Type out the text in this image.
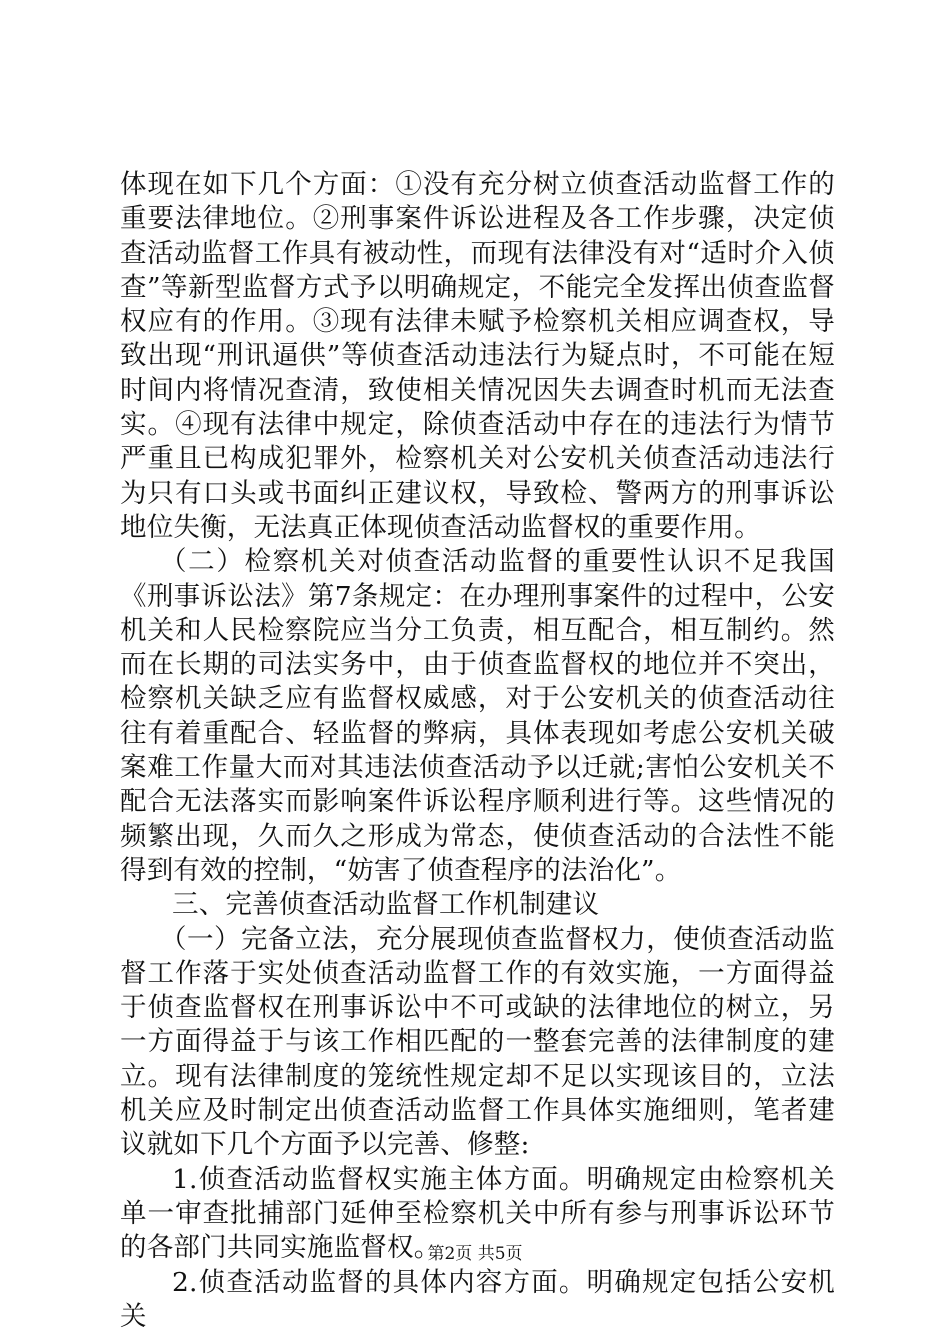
体现在如下几个方面：①没有充分树立侦查活动监督工作的重要法律地位。②刑事案件诉讼进程及各工作步骤，决定侦查活动监督工作具有被动性，而现有法律没有对“适时介入侦查”等新型监督方式予以明确规定，不能完全发挥出侦查监督权应有的作用。③现有法律未赋予检察机关相应调查权，导致出现“刑讯逼供”等侦查活动违法行为疑点时，不可能在短时间内将情况查清，致使相关情况因失去调查时机而无法查实。④现有法律中规定，除侦查活动中存在的违法行为情节严重且已构成犯罪外，检察机关对公安机关侦查活动违法行为只有口头或书面纠正建议权，导致检、警两方的刑事诉讼地位失衡，无法真正体现侦查活动监督权的重要作用。

（二）检察机关对侦查活动监督的重要性认识不足我国《刑事诉讼法》第7条规定：在办理刑事案件的过程中，公安机关和人民检察院应当分工负责，相互配合，相互制约。然而在长期的司法实务中，由于侦查监督权的地位并不突出，检察机关缺乏应有监督权威感，对于公安机关的侦查活动往往有着重配合、轻监督的弊病，具体表现如考虑公安机关破案难工作量大而对其违法侦查活动予以迁就;害怕公安机关不配合无法落实而影响案件诉讼程序顺利进行等。这些情况的频繁出现，久而久之形成为常态，使侦查活动的合法性不能得到有效的控制，“妨害了侦查程序的法治化”。

三、完善侦查活动监督工作机制建议

（一）完备立法，充分展现侦查监督权力，使侦查活动监督工作落于实处侦查活动监督工作的有效实施，一方面得益于侦查监督权在刑事诉讼中不可或缺的法律地位的树立，另一方面得益于与该工作相匹配的一整套完善的法律制度的建立。现有法律制度的笼统性规定却不足以实现该目的，立法机关应及时制定出侦查活动监督工作具体实施细则，笔者建议就如下几个方面予以完善、修整:

1.侦查活动监督权实施主体方面。明确规定由检察机关单一审查批捕部门延伸至检察机关中所有参与刑事诉讼环节的各部门共同实施监督权。

2.侦查活动监督的具体内容方面。明确规定包括公安机关

第2页 共5页
